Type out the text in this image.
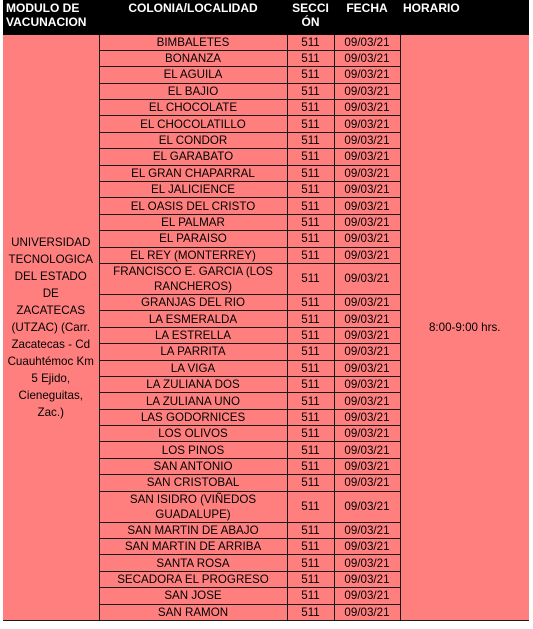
MODULO DE VACUNACION	COLONIA/LOCALIDAD	SECCI ÓN	FECHA	HORARIO
UNIVERSIDAD TECNOLOGICA DEL ESTADO DE ZACATECAS (UTZAC) (Carr. Zacatecas - Cd Cuauhtémoc Km 5 Ejido, Cieneguitas, Zac.)	BIMBALETES	511	09/03/21	8:00-9:00 hrs.
	BONANZA	511	09/03/21	
	EL AGUILA	511	09/03/21	
	EL BAJIO	511	09/03/21	
	EL CHOCOLATE	511	09/03/21	
	EL CHOCOLATILLO	511	09/03/21	
	EL CONDOR	511	09/03/21	
	EL GARABATO	511	09/03/21	
	EL GRAN CHAPARRAL	511	09/03/21	
	EL JALICIENCE	511	09/03/21	
	EL OASIS DEL CRISTO	511	09/03/21	
	EL PALMAR	511	09/03/21	
	EL PARAISO	511	09/03/21	
	EL REY (MONTERREY)	511	09/03/21	
	FRANCISCO E. GARCIA (LOS RANCHEROS)	511	09/03/21	
	GRANJAS DEL RIO	511	09/03/21	
	LA ESMERALDA	511	09/03/21	
	LA ESTRELLA	511	09/03/21	
	LA PARRITA	511	09/03/21	
	LA VIGA	511	09/03/21	
	LA ZULIANA DOS	511	09/03/21	
	LA ZULIANA UNO	511	09/03/21	
	LAS GODORNICES	511	09/03/21	
	LOS OLIVOS	511	09/03/21	
	LOS PINOS	511	09/03/21	
	SAN ANTONIO	511	09/03/21	
	SAN CRISTOBAL	511	09/03/21	
	SAN ISIDRO (VIÑEDOS GUADALUPE)	511	09/03/21	
	SAN MARTIN DE ABAJO	511	09/03/21	
	SAN MARTIN DE ARRIBA	511	09/03/21	
	SANTA ROSA	511	09/03/21	
	SECADORA EL PROGRESO	511	09/03/21	
	SAN JOSE	511	09/03/21	
	SAN RAMON	511	09/03/21	
